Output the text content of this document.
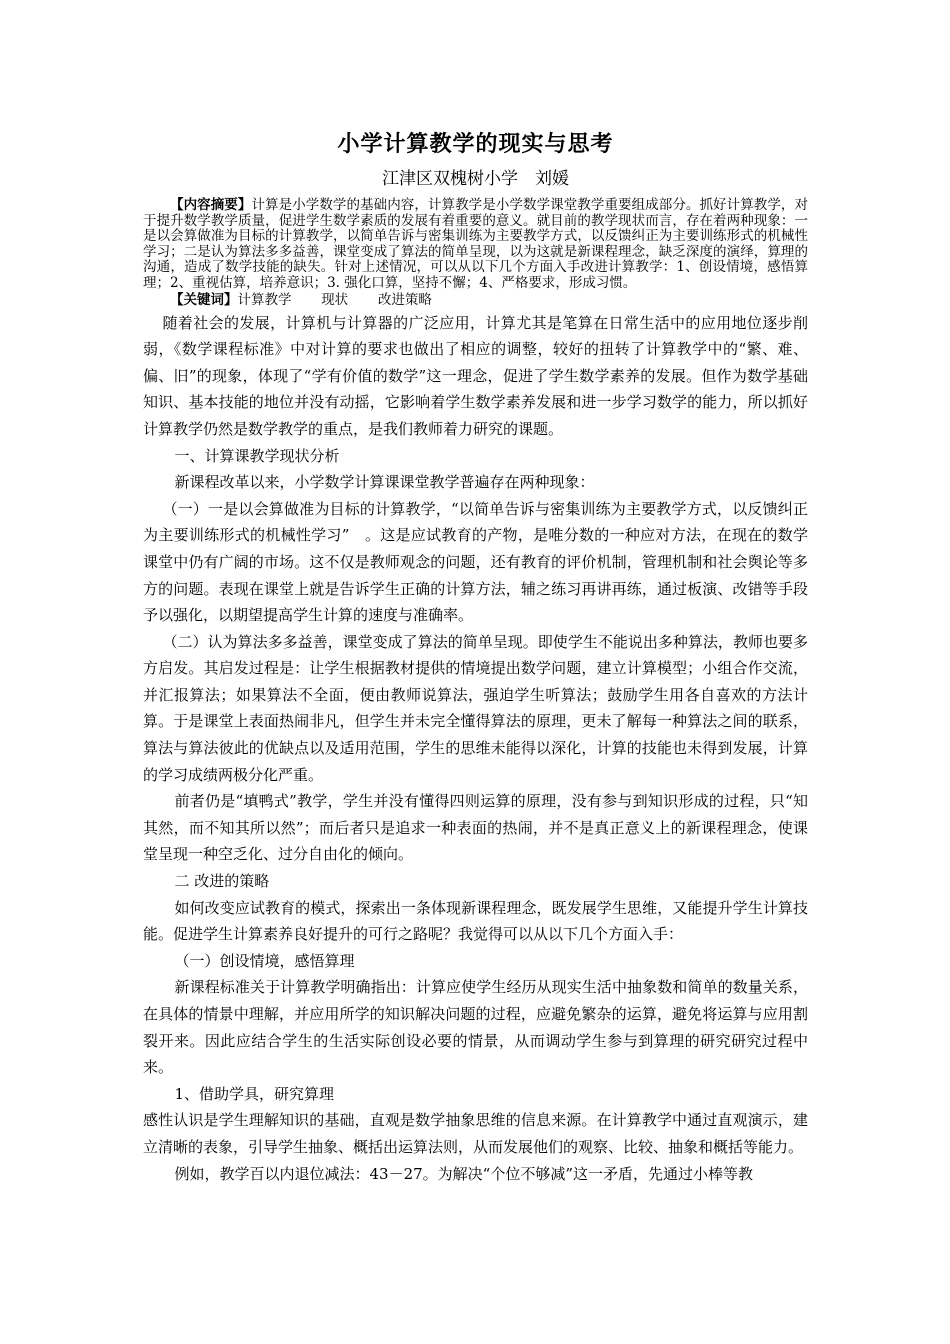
小学计算教学的现实与思考
江津区双槐树小学　刘媛

【内容摘要】计算是小学数学的基础内容，计算教学是小学数学课堂教学重要组成部分。抓好计算教学，对于提升数学教学质量，促进学生数学素质的发展有着重要的意义。就目前的教学现状而言，存在着两种现象：一是以会算做准为目标的计算教学，以简单告诉与密集训练为主要教学方式，以反馈纠正为主要训练形式的机械性学习；二是认为算法多多益善，课堂变成了算法的简单呈现，以为这就是新课程理念，缺乏深度的演绎，算理的沟通，造成了数学技能的缺失。针对上述情况，可以从以下几个方面入手改进计算教学：1、创设情境，感悟算理；2、重视估算，培养意识；3. 强化口算，坚持不懈；4、严格要求，形成习惯。

【关键词】计算教学 现状 改进策略

随着社会的发展，计算机与计算器的广泛应用，计算尤其是笔算在日常生活中的应用地位逐步削弱，《数学课程标准》中对计算的要求也做出了相应的调整，较好的扭转了计算教学中的“繁、难、偏、旧”的现象，体现了“学有价值的数学”这一理念，促进了学生数学素养的发展。但作为数学基础知识、基本技能的地位并没有动摇，它影响着学生数学素养发展和进一步学习数学的能力，所以抓好计算教学仍然是数学教学的重点，是我们教师着力研究的课题。

一、计算课教学现状分析

新课程改革以来，小学数学计算课课堂教学普遍存在两种现象：

（一）一是以会算做准为目标的计算教学，“以简单告诉与密集训练为主要教学方式，以反馈纠正为主要训练形式的机械性学习”　。这是应试教育的产物，是唯分数的一种应对方法，在现在的数学课堂中仍有广阔的市场。这不仅是教师观念的问题，还有教育的评价机制，管理机制和社会舆论等多方的问题。表现在课堂上就是告诉学生正确的计算方法，辅之练习再讲再练，通过板演、改错等手段予以强化，以期望提高学生计算的速度与准确率。

（二）认为算法多多益善，课堂变成了算法的简单呈现。即使学生不能说出多种算法，教师也要多方启发。其启发过程是：让学生根据教材提供的情境提出数学问题，建立计算模型；小组合作交流，并汇报算法；如果算法不全面，便由教师说算法，强迫学生听算法；鼓励学生用各自喜欢的方法计算。于是课堂上表面热闹非凡，但学生并未完全懂得算法的原理，更未了解每一种算法之间的联系，算法与算法彼此的优缺点以及适用范围，学生的思维未能得以深化，计算的技能也未得到发展，计算的学习成绩两极分化严重。

前者仍是“填鸭式”教学，学生并没有懂得四则运算的原理，没有参与到知识形成的过程，只“知其然，而不知其所以然”；而后者只是追求一种表面的热闹，并不是真正意义上的新课程理念，使课堂呈现一种空乏化、过分自由化的倾向。

二 改进的策略

如何改变应试教育的模式，探索出一条体现新课程理念，既发展学生思维，又能提升学生计算技能。促进学生计算素养良好提升的可行之路呢？我觉得可以从以下几个方面入手：

（一）创设情境，感悟算理

新课程标准关于计算教学明确指出：计算应使学生经历从现实生活中抽象数和简单的数量关系，在具体的情景中理解，并应用所学的知识解决问题的过程，应避免繁杂的运算，避免将运算与应用割裂开来。因此应结合学生的生活实际创设必要的情景，从而调动学生参与到算理的研究研究过程中来。

1、借助学具，研究算理

感性认识是学生理解知识的基础，直观是数学抽象思维的信息来源。在计算教学中通过直观演示，建立清晰的表象，引导学生抽象、概括出运算法则，从而发展他们的观察、比较、抽象和概括等能力。

例如，教学百以内退位减法：43－27。为解决“个位不够减”这一矛盾，先通过小棒等教
